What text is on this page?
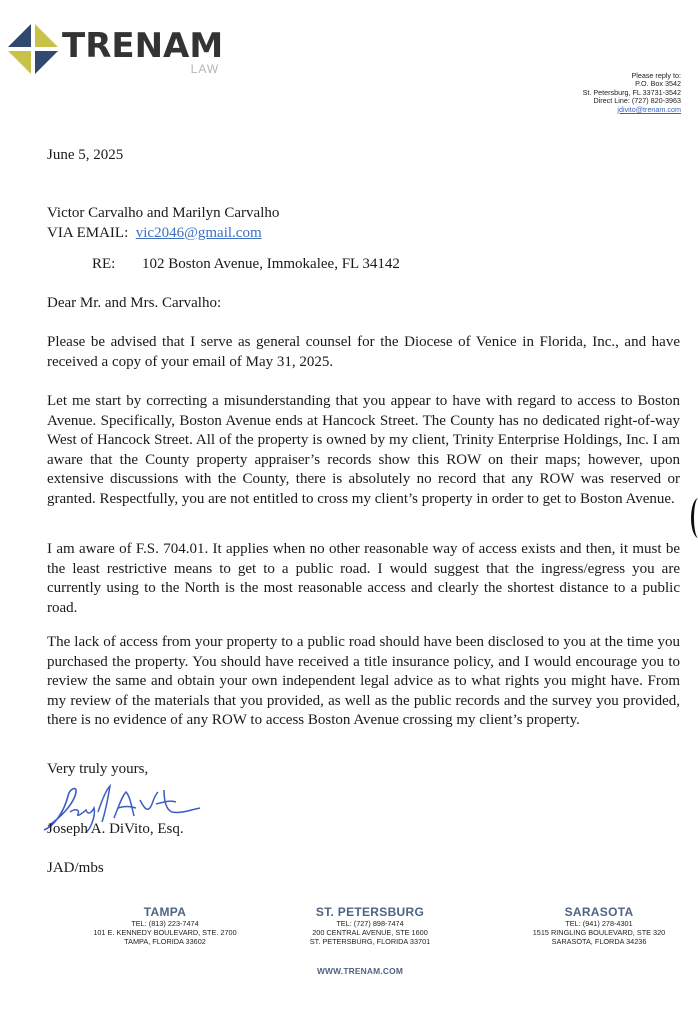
TRENAM
LAW	Please reply to:
P.O. Box 3542
St. Petersburg, FL 33731-3542
Direct Line: (727) 820-3963
jdivito@trenam.com
June 5, 2025
Victor Carvalho and Marilyn Carvalho
VIA EMAIL: vic2046@gmail.com
RE: 102 Boston Avenue, Immokalee, FL 34142
Dear Mr. and Mrs. Carvalho:
Please be advised that I serve as general counsel for the Diocese of Venice in Florida, Inc., and have received a copy of your email of May 31, 2025.
Let me start by correcting a misunderstanding that you appear to have with regard to access to Boston Avenue. Specifically, Boston Avenue ends at Hancock Street. The County has no dedicated right-of-way West of Hancock Street. All of the property is owned by my client, Trinity Enterprise Holdings, Inc. I am aware that the County property appraiser’s records show this ROW on their maps; however, upon extensive discussions with the County, there is absolutely no record that any ROW was reserved or granted. Respectfully, you are not entitled to cross my client’s property in order to get to Boston Avenue.
I am aware of F.S. 704.01. It applies when no other reasonable way of access exists and then, it must be the least restrictive means to get to a public road. I would suggest that the ingress/egress you are currently using to the North is the most reasonable access and clearly the shortest distance to a public road.
The lack of access from your property to a public road should have been disclosed to you at the time you purchased the property. You should have received a title insurance policy, and I would encourage you to review the same and obtain your own independent legal advice as to what rights you might have. From my review of the materials that you provided, as well as the public records and the survey you provided, there is no evidence of any ROW to access Boston Avenue crossing my client’s property.
Very truly yours,
Joseph A. DiVito, Esq.
JAD/mbs
TAMPA
TEL: (813) 223-7474
101 E. KENNEDY BOULEVARD, STE. 2700
TAMPA, FLORIDA 33602
ST. PETERSBURG
TEL: (727) 898-7474
200 CENTRAL AVENUE, STE 1600
ST. PETERSBURG, FLORIDA 33701
SARASOTA
TEL: (941) 278-4301
1515 RINGLING BOULEVARD, STE 320
SARASOTA, FLORDA 34236
WWW.TRENAM.COM
